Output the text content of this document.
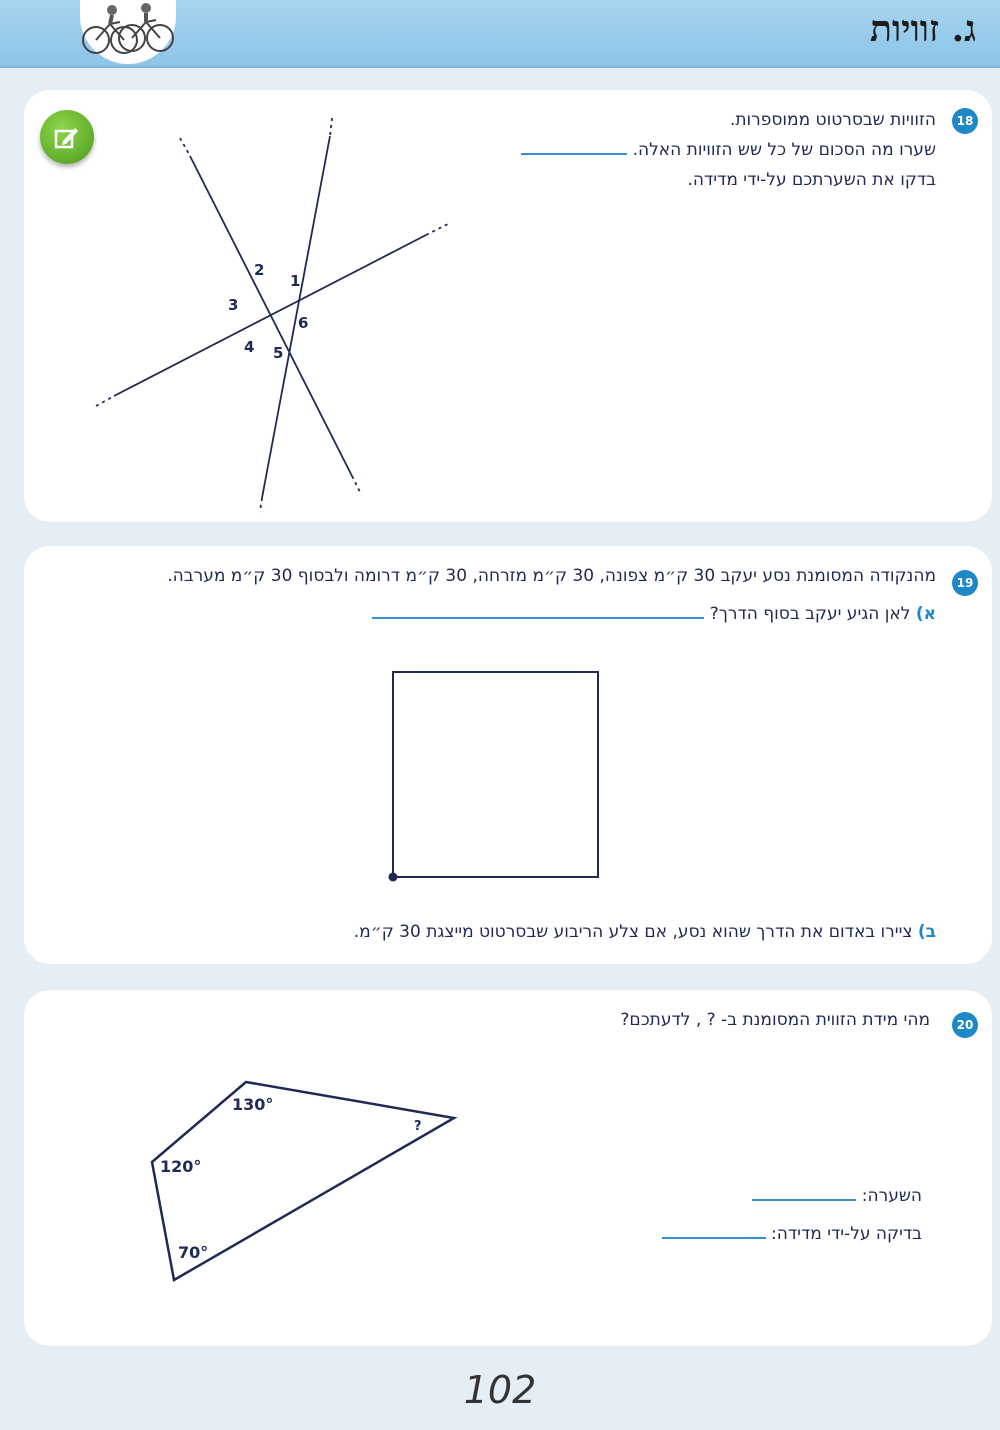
ג. זוויות
18
הזוויות שבסרטוט ממוספרות.
שערו מה הסכום של כל שש הזוויות האלה.
בדקו את השערתכם על-ידי מדידה.
1
2
3
4 5
6
19
מהנקודה המסומנת נסע יעקב 30 ק״מ צפונה, 30 ק״מ מזרחה, 30 ק״מ דרומה ולבסוף 30 ק״מ מערבה.
א) לאן הגיע יעקב בסוף הדרך?
ב) ציירו באדום את הדרך שהוא נסע, אם צלע הריבוע שבסרטוט מייצגת 30 ק״מ.
20
מהי מידת הזווית המסומנת ב- ? , לדעתכם?
130°
120°
70°
?
השערה:
בדיקה על-ידי מדידה:
102
